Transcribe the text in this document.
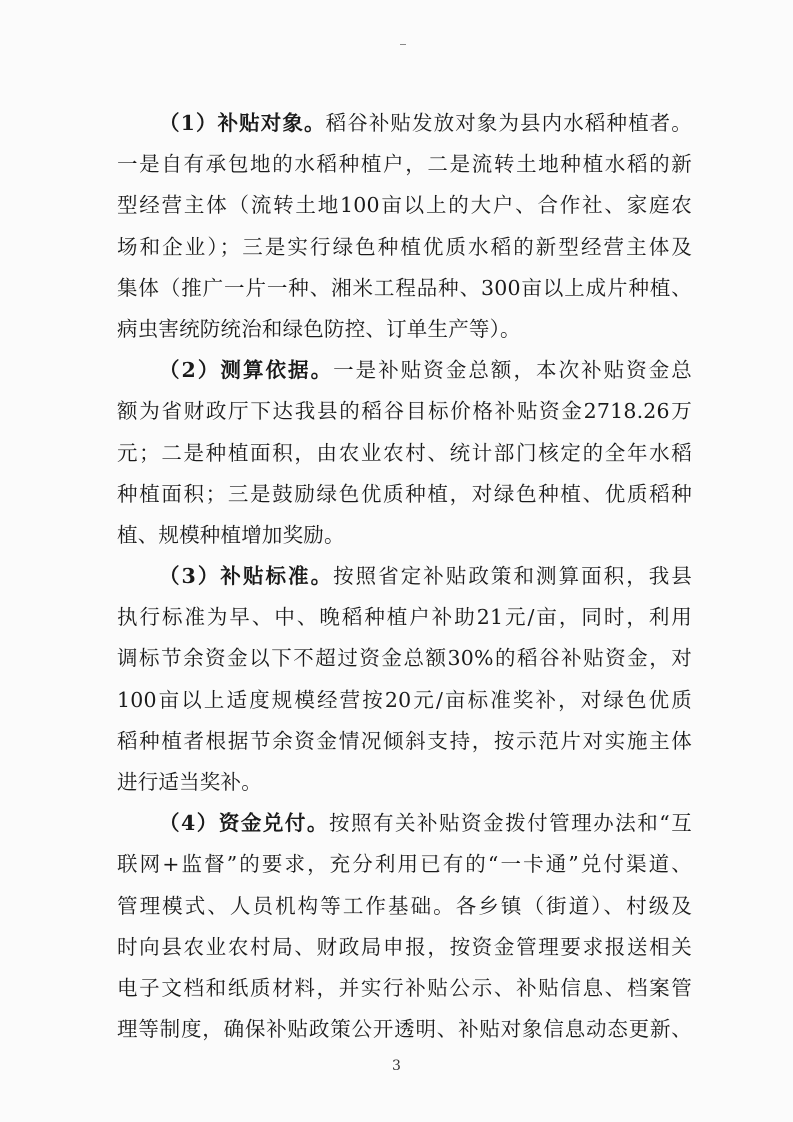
（1）补贴对象。稻谷补贴发放对象为县内水稻种植者。
一是自有承包地的水稻种植户，二是流转土地种植水稻的新
型经营主体（流转土地100亩以上的大户、合作社、家庭农
场和企业）；三是实行绿色种植优质水稻的新型经营主体及
集体（推广一片一种、湘米工程品种、300亩以上成片种植、
病虫害统防统治和绿色防控、订单生产等）。
（2）测算依据。一是补贴资金总额，本次补贴资金总
额为省财政厅下达我县的稻谷目标价格补贴资金2718.26万
元；二是种植面积，由农业农村、统计部门核定的全年水稻
种植面积；三是鼓励绿色优质种植，对绿色种植、优质稻种
植、规模种植增加奖励。
（3）补贴标准。按照省定补贴政策和测算面积，我县
执行标准为早、中、晚稻种植户补助21元/亩，同时，利用
调标节余资金以下不超过资金总额30%的稻谷补贴资金，对
100亩以上适度规模经营按20元/亩标准奖补，对绿色优质
稻种植者根据节余资金情况倾斜支持，按示范片对实施主体
进行适当奖补。
（4）资金兑付。按照有关补贴资金拨付管理办法和“互
联网+监督”的要求，充分利用已有的“一卡通”兑付渠道、
管理模式、人员机构等工作基础。各乡镇（街道）、村级及
时向县农业农村局、财政局申报，按资金管理要求报送相关
电子文档和纸质材料，并实行补贴公示、补贴信息、档案管
理等制度，确保补贴政策公开透明、补贴对象信息动态更新、
3
